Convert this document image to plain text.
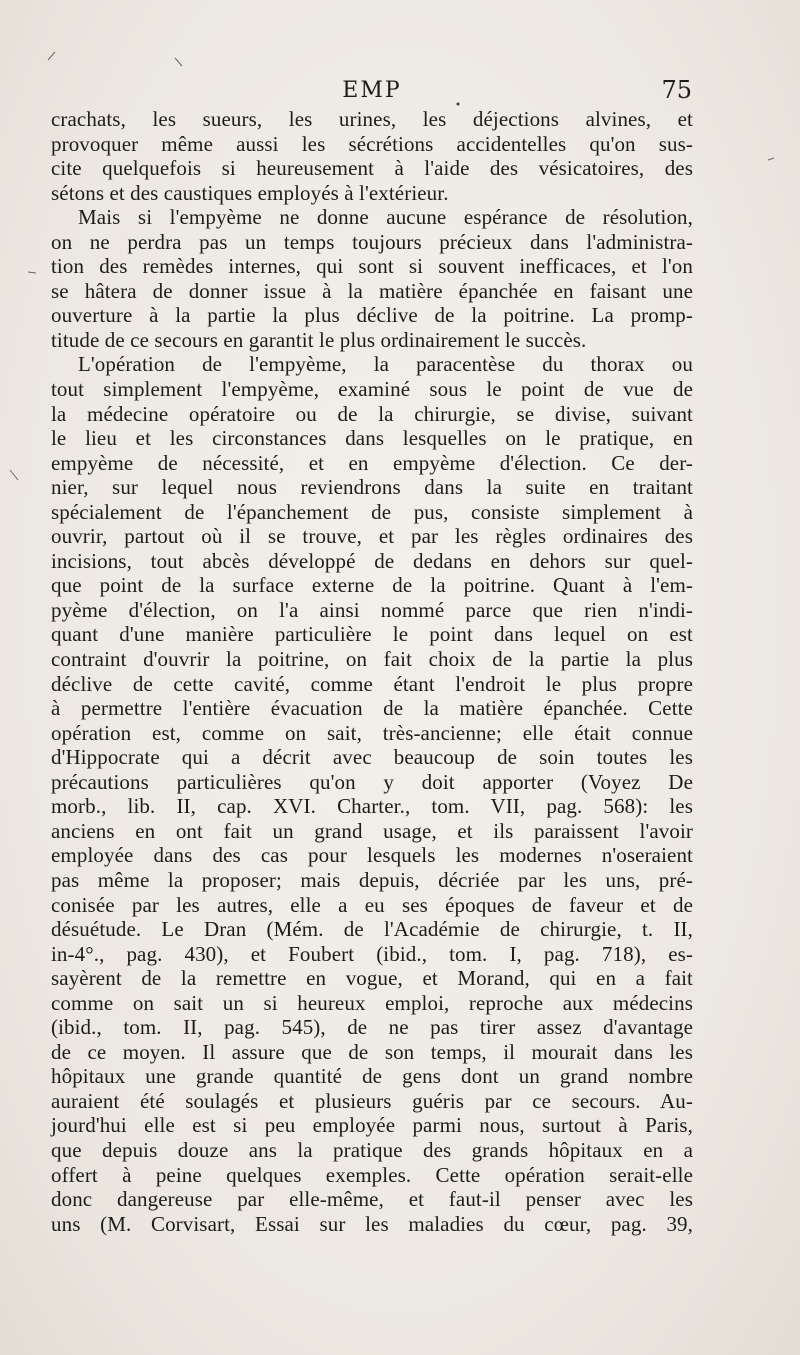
EMP	75
crachats, les sueurs, les urines, les déjections alvines, et
provoquer même aussi les sécrétions accidentelles qu'on sus-
cite quelquefois si heureusement à l'aide des vésicatoires, des
sétons et des caustiques employés à l'extérieur.
Mais si l'empyème ne donne aucune espérance de résolution,
on ne perdra pas un temps toujours précieux dans l'administra-
tion des remèdes internes, qui sont si souvent inefficaces, et l'on
se hâtera de donner issue à la matière épanchée en faisant une
ouverture à la partie la plus déclive de la poitrine. La promp-
titude de ce secours en garantit le plus ordinairement le succès.
L'opération de l'empyème, la paracentèse du thorax ou
tout simplement l'empyème, examiné sous le point de vue de
la médecine opératoire ou de la chirurgie, se divise, suivant
le lieu et les circonstances dans lesquelles on le pratique, en
empyème de nécessité, et en empyème d'élection. Ce der-
nier, sur lequel nous reviendrons dans la suite en traitant
spécialement de l'épanchement de pus, consiste simplement à
ouvrir, partout où il se trouve, et par les règles ordinaires des
incisions, tout abcès développé de dedans en dehors sur quel-
que point de la surface externe de la poitrine. Quant à l'em-
pyème d'élection, on l'a ainsi nommé parce que rien n'indi-
quant d'une manière particulière le point dans lequel on est
contraint d'ouvrir la poitrine, on fait choix de la partie la plus
déclive de cette cavité, comme étant l'endroit le plus propre
à permettre l'entière évacuation de la matière épanchée. Cette
opération est, comme on sait, très-ancienne; elle était connue
d'Hippocrate qui a décrit avec beaucoup de soin toutes les
précautions particulières qu'on y doit apporter (Voyez De
morb., lib. II, cap. XVI. Charter., tom. VII, pag. 568): les
anciens en ont fait un grand usage, et ils paraissent l'avoir
employée dans des cas pour lesquels les modernes n'oseraient
pas même la proposer; mais depuis, décriée par les uns, pré-
conisée par les autres, elle a eu ses époques de faveur et de
désuétude. Le Dran (Mém. de l'Académie de chirurgie, t. II,
in-4°., pag. 430), et Foubert (ibid., tom. I, pag. 718), es-
sayèrent de la remettre en vogue, et Morand, qui en a fait
comme on sait un si heureux emploi, reproche aux médecins
(ibid., tom. II, pag. 545), de ne pas tirer assez d'avantage
de ce moyen. Il assure que de son temps, il mourait dans les
hôpitaux une grande quantité de gens dont un grand nombre
auraient été soulagés et plusieurs guéris par ce secours. Au-
jourd'hui elle est si peu employée parmi nous, surtout à Paris,
que depuis douze ans la pratique des grands hôpitaux en a
offert à peine quelques exemples. Cette opération serait-elle
donc dangereuse par elle-même, et faut-il penser avec les
uns (M. Corvisart, Essai sur les maladies du cœur, pag. 39,
